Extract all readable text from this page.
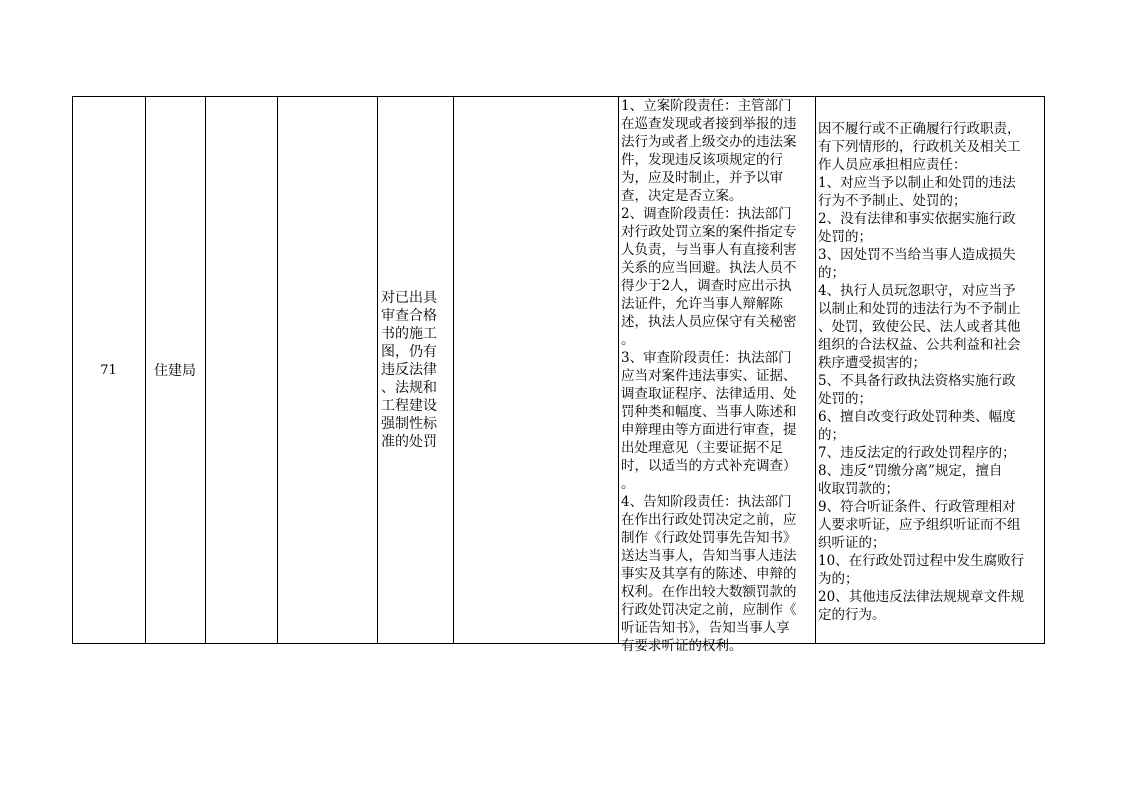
71	住建局
对已出具
审查合格
书的施工
图，仍有
违反法律
、法规和
工程建设
强制性标
准的处罚
1、立案阶段责任：主管部门
在巡查发现或者接到举报的违
法行为或者上级交办的违法案
件，发现违反该项规定的行
为，应及时制止，并予以审
查，决定是否立案。
2、调查阶段责任：执法部门
对行政处罚立案的案件指定专
人负责，与当事人有直接利害
关系的应当回避。执法人员不
得少于2人，调查时应出示执
法证件，允许当事人辩解陈
述，执法人员应保守有关秘密
。
3、审查阶段责任：执法部门
应当对案件违法事实、证据、
调查取证程序、法律适用、处
罚种类和幅度、当事人陈述和
申辩理由等方面进行审查，提
出处理意见（主要证据不足
时，以适当的方式补充调查）
。
4、告知阶段责任：执法部门
在作出行政处罚决定之前，应
制作《行政处罚事先告知书》
送达当事人，告知当事人违法
事实及其享有的陈述、申辩的
权利。在作出较大数额罚款的
行政处罚决定之前，应制作《
听证告知书》，告知当事人享
有要求听证的权利。
因不履行或不正确履行行政职责，
有下列情形的，行政机关及相关工
作人员应承担相应责任：
1、对应当予以制止和处罚的违法
行为不予制止、处罚的；
2、没有法律和事实依据实施行政
处罚的；
3、因处罚不当给当事人造成损失
的；
4、执行人员玩忽职守，对应当予
以制止和处罚的违法行为不予制止
、处罚，致使公民、法人或者其他
组织的合法权益、公共利益和社会
秩序遭受损害的；
5、不具备行政执法资格实施行政
处罚的；
6、擅自改变行政处罚种类、幅度
的；
7、违反法定的行政处罚程序的；
8、违反“罚缴分离”规定，擅自
收取罚款的；
9、符合听证条件、行政管理相对
人要求听证，应予组织听证而不组
织听证的；
10、在行政处罚过程中发生腐败行
为的；
20、其他违反法律法规规章文件规
定的行为。
